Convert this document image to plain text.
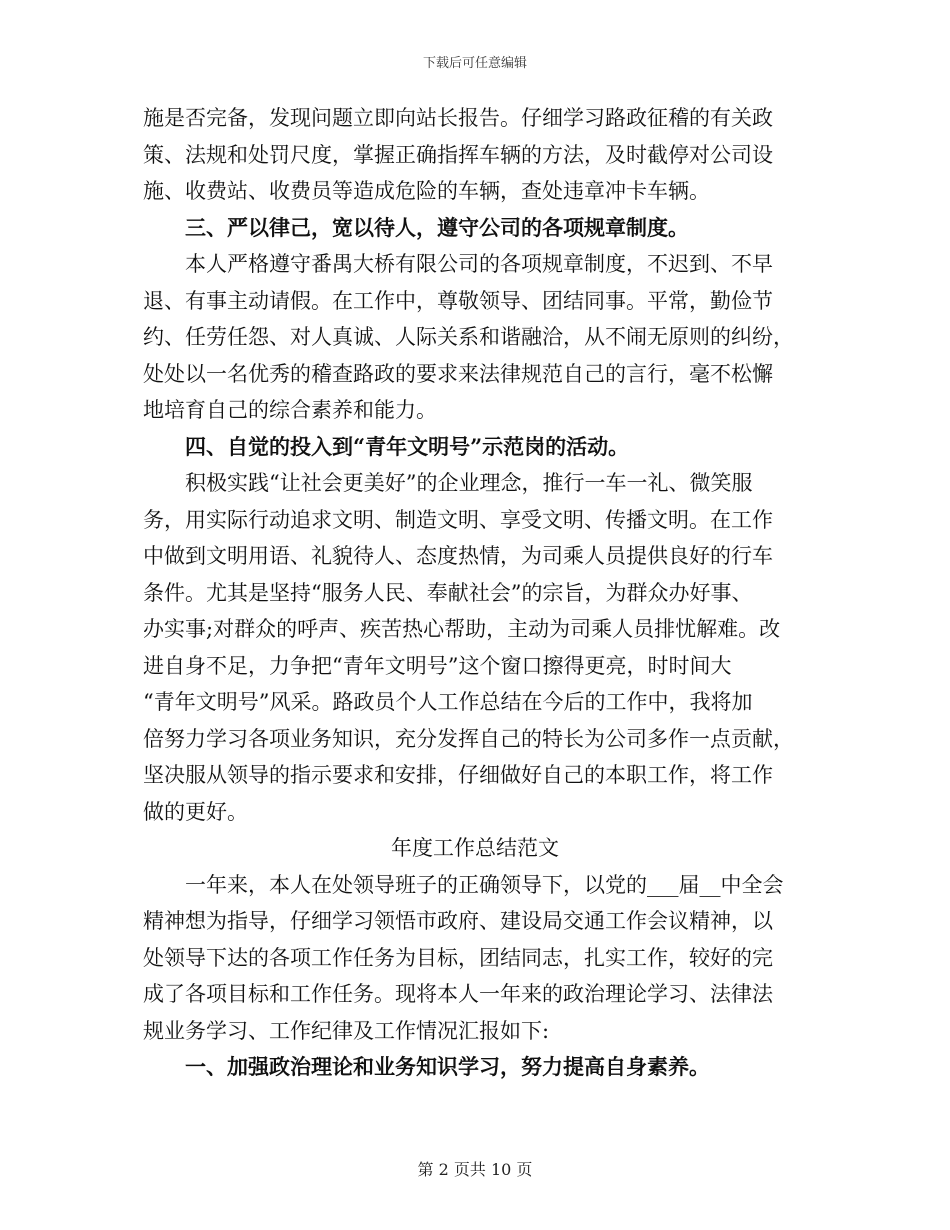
下载后可任意编辑
施是否完备，发现问题立即向站长报告。仔细学习路政征稽的有关政
策、法规和处罚尺度，掌握正确指挥车辆的方法，及时截停对公司设
施、收费站、收费员等造成危险的车辆，查处违章冲卡车辆。
三、严以律己，宽以待人，遵守公司的各项规章制度。
本人严格遵守番禺大桥有限公司的各项规章制度，不迟到、不早
退、有事主动请假。在工作中，尊敬领导、团结同事。平常，勤俭节
约、任劳任怨、对人真诚、人际关系和谐融洽，从不闹无原则的纠纷，
处处以一名优秀的稽查路政的要求来法律规范自己的言行，毫不松懈
地培育自己的综合素养和能力。
四、自觉的投入到“青年文明号”示范岗的活动。
积极实践“让社会更美好”的企业理念，推行一车一礼、微笑服
务，用实际行动追求文明、制造文明、享受文明、传播文明。在工作
中做到文明用语、礼貌待人、态度热情，为司乘人员提供良好的行车
条件。尤其是坚持“服务人民、奉献社会”的宗旨，为群众办好事、
办实事;对群众的呼声、疾苦热心帮助，主动为司乘人员排忧解难。改
进自身不足，力争把“青年文明号”这个窗口擦得更亮，时时间大
“青年文明号”风采。路政员个人工作总结在今后的工作中，我将加
倍努力学习各项业务知识，充分发挥自己的特长为公司多作一点贡献，
坚决服从领导的指示要求和安排，仔细做好自己的本职工作，将工作
做的更好。
年度工作总结范文
一年来，本人在处领导班子的正确领导下，以党的___届__中全会
精神想为指导，仔细学习领悟市政府、建设局交通工作会议精神，以
处领导下达的各项工作任务为目标，团结同志，扎实工作，较好的完
成了各项目标和工作任务。现将本人一年来的政治理论学习、法律法
规业务学习、工作纪律及工作情况汇报如下:
一、加强政治理论和业务知识学习，努力提高自身素养。
第 2 页共 10 页
